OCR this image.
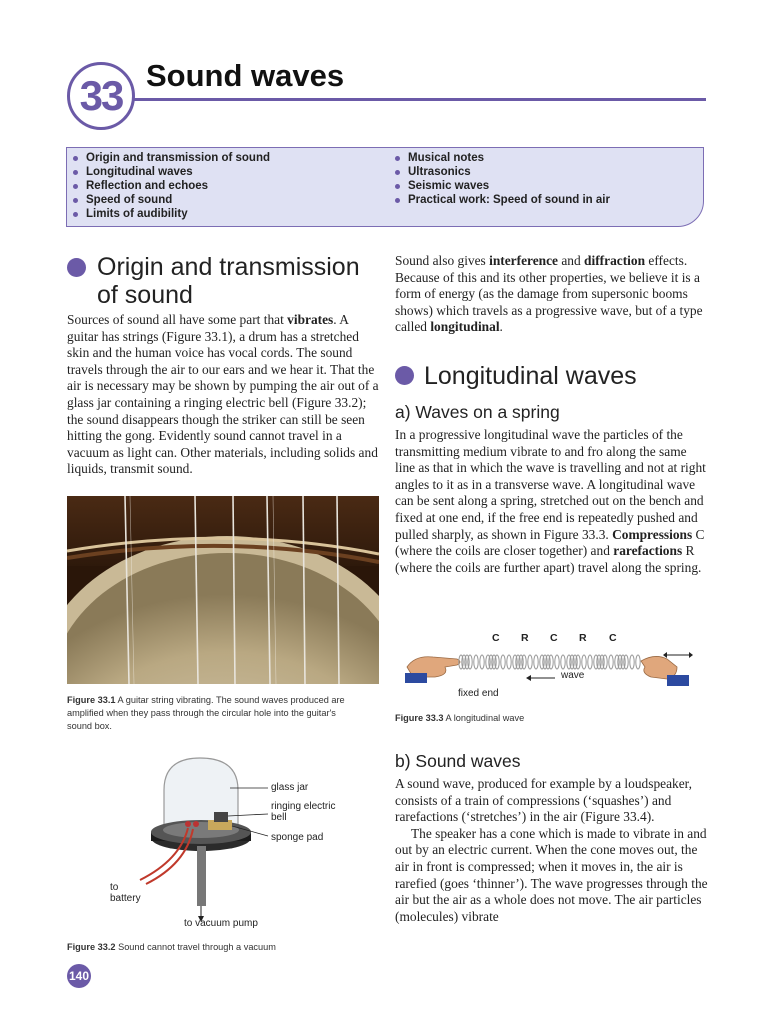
33 Sound waves
Origin and transmission of sound
Longitudinal waves
Reflection and echoes
Speed of sound
Limits of audibility
Musical notes
Ultrasonics
Seismic waves
Practical work: Speed of sound in air
Origin and transmission
of sound
Sources of sound all have some part that vibrates. A guitar has strings (Figure 33.1), a drum has a stretched skin and the human voice has vocal cords. The sound travels through the air to our ears and we hear it. That the air is necessary may be shown by pumping the air out of a glass jar containing a ringing electric bell (Figure 33.2); the sound disappears though the striker can still be seen hitting the gong. Evidently sound cannot travel in a vacuum as light can. Other materials, including solids and liquids, transmit sound.
Figure 33.1 A guitar string vibrating. The sound waves produced are amplified when they pass through the circular hole into the guitar's sound box.
glass jar
ringing electric
bell
sponge pad
to
battery
to vacuum pump
Figure 33.2 Sound cannot travel through a vacuum
Sound also gives interference and diffraction effects. Because of this and its other properties, we believe it is a form of energy (as the damage from supersonic booms shows) which travels as a progressive wave, but of a type called longitudinal.
Longitudinal waves
a) Waves on a spring
In a progressive longitudinal wave the particles of the transmitting medium vibrate to and fro along the same line as that in which the wave is travelling and not at right angles to it as in a transverse wave. A longitudinal wave can be sent along a spring, stretched out on the bench and fixed at one end, if the free end is repeatedly pushed and pulled sharply, as shown in Figure 33.3. Compressions C (where the coils are closer together) and rarefactions R (where the coils are further apart) travel along the spring.
C R C R C
wave
fixed end
Figure 33.3 A longitudinal wave
b) Sound waves
A sound wave, produced for example by a loudspeaker, consists of a train of compressions (‘squashes’) and rarefactions (‘stretches’) in the air (Figure 33.4).
The speaker has a cone which is made to vibrate in and out by an electric current. When the cone moves out, the air in front is compressed; when it moves in, the air is rarefied (goes ‘thinner’). The wave progresses through the air but the air as a whole does not move. The air particles (molecules) vibrate
140
